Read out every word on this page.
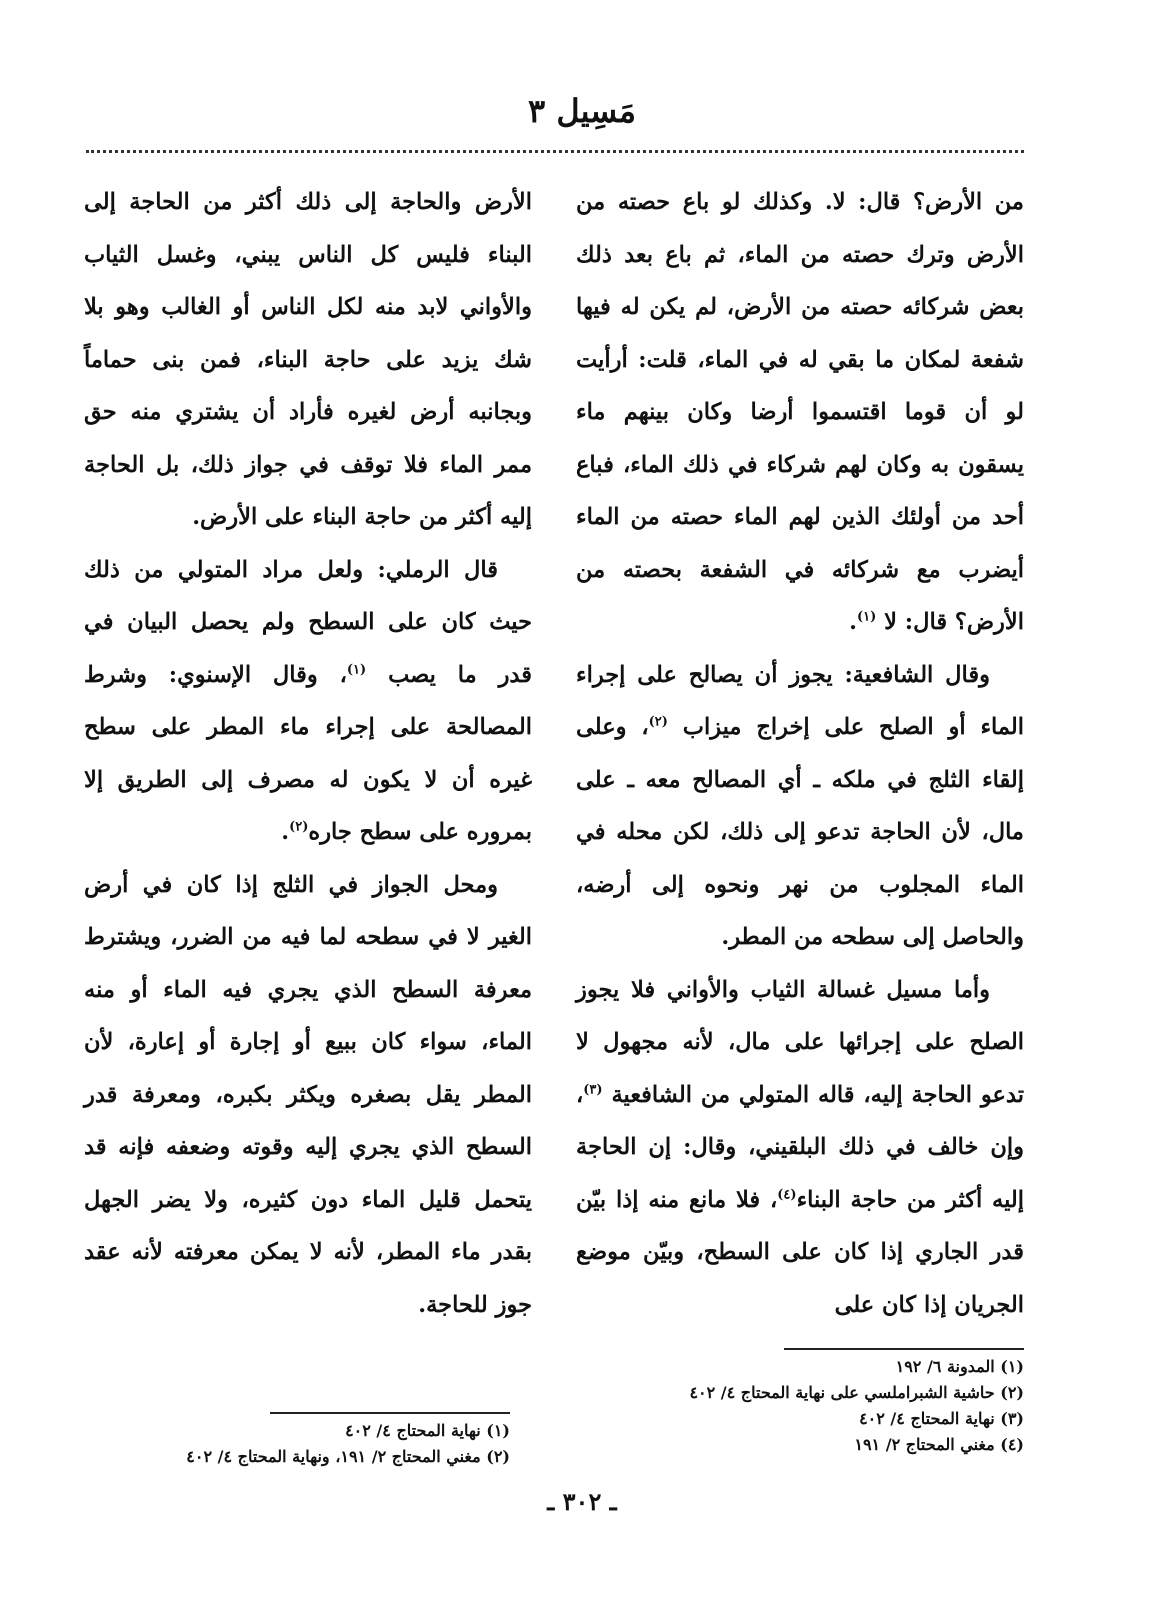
مَسِيل ٣

من الأرض؟ قال: لا. وكذلك لو باع حصته من الأرض وترك حصته من الماء، ثم باع بعد ذلك بعض شركائه حصته من الأرض، لم يكن له فيها شفعة لمكان ما بقي له في الماء، قلت: أرأيت لو أن قوما اقتسموا أرضا وكان بينهم ماء يسقون به وكان لهم شركاء في ذلك الماء، فباع أحد من أولئك الذين لهم الماء حصته من الماء أيضرب مع شركائه في الشفعة بحصته من الأرض؟ قال: لا $^{(١)}$.

وقال الشافعية: يجوز أن يصالح على إجراء الماء أو الصلح على إخراج ميزاب $^{(٢)}$، وعلى إلقاء الثلج في ملكه ـ أي المصالح معه ـ على مال، لأن الحاجة تدعو إلى ذلك، لكن محله في الماء المجلوب من نهر ونحوه إلى أرضه، والحاصل إلى سطحه من المطر.

وأما مسيل غسالة الثياب والأواني فلا يجوز الصلح على إجرائها على مال، لأنه مجهول لا تدعو الحاجة إليه، قاله المتولي من الشافعية $^{(٣)}$، وإن خالف في ذلك البلقيني، وقال: إن الحاجة إليه أكثر من حاجة البناء$^{(٤)}$، فلا مانع منه إذا بيّن قدر الجاري إذا كان على السطح، وبيّن موضع الجريان إذا كان على

الأرض والحاجة إلى ذلك أكثر من الحاجة إلى البناء فليس كل الناس يبني، وغسل الثياب والأواني لابد منه لكل الناس أو الغالب وهو بلا شك يزيد على حاجة البناء، فمن بنى حماماً وبجانبه أرض لغيره فأراد أن يشتري منه حق ممر الماء فلا توقف في جواز ذلك، بل الحاجة إليه أكثر من حاجة البناء على الأرض.

قال الرملي: ولعل مراد المتولي من ذلك حيث كان على السطح ولم يحصل البيان في قدر ما يصب $^{(١)}$، وقال الإسنوي: وشرط المصالحة على إجراء ماء المطر على سطح غيره أن لا يكون له مصرف إلى الطريق إلا بمروره على سطح جاره$^{(٢)}$.

ومحل الجواز في الثلج إذا كان في أرض الغير لا في سطحه لما فيه من الضرر، ويشترط معرفة السطح الذي يجري فيه الماء أو منه الماء، سواء كان ببيع أو إجارة أو إعارة، لأن المطر يقل بصغره ويكثر بكبره، ومعرفة قدر السطح الذي يجري إليه وقوته وضعفه فإنه قد يتحمل قليل الماء دون كثيره، ولا يضر الجهل بقدر ماء المطر، لأنه لا يمكن معرفته لأنه عقد جوز للحاجة.

(١) المدونة ٦/ ١٩٢
(٢) حاشية الشبراملسي على نهاية المحتاج ٤/ ٤٠٢
(٣) نهاية المحتاج ٤/ ٤٠٢
(٤) مغني المحتاج ٢/ ١٩١
(١) نهاية المحتاج ٤/ ٤٠٢
(٢) مغني المحتاج ٢/ ١٩١، ونهاية المحتاج ٤/ ٤٠٢
ـ ٣٠٢ ـ
